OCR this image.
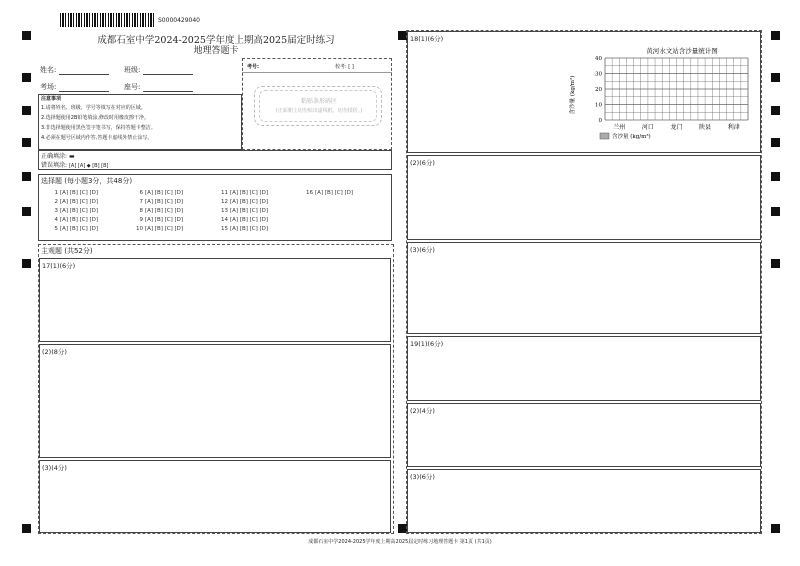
S0000429040
成都石室中学2024-2025学年度上期高2025届定时练习
地理答题卡
姓名:	班级:
考场:	座号:
考号:	校考: [ ]
粘贴条形码区
(正面朝上切勿贴出虚线框，切勿揉折。)
注意事项
1.请将姓名、班级、学号等填写在对应的区域。
2.选择题使用2B铅笔填涂,修改时用橡皮擦干净。
3.非选择题使用黑色签字笔书写，保持答题卡整洁。
4.必须在题号区域内作答,答题卡虚线外禁止涂写。
正确填涂: ▬
错误填涂: [A] [A] ◆ [B] [B]
选择题 (每小题3分，共48分)
1 [A] [B] [C] [D]
2 [A] [B] [C] [D]
3 [A] [B] [C] [D]
4 [A] [B] [C] [D]
5 [A] [B] [C] [D]
6 [A] [B] [C] [D]
7 [A] [B] [C] [D]
8 [A] [B] [C] [D]
9 [A] [B] [C] [D]
10 [A] [B] [C] [D]
11 [A] [B] [C] [D]
12 [A] [B] [C] [D]
13 [A] [B] [C] [D]
14 [A] [B] [C] [D]
15 [A] [B] [C] [D]
16 [A] [B] [C] [D]
主观题 (共52分)
17(1)(6分)
(2)(8分)
(3)(4分)
18(1)(6分)
(2)(6分)
(3)(6分)
19(1)(6分)
(2)(4分)
(3)(6分)
黄河水文站含沙量统计图
0
10
20
30
40
兰州	河口	龙门	陕县	利津
含沙量 (kg/m³)
含沙量 (kg/m³)
成都石室中学2024-2025学年度上期高2025届定时练习地理答题卡 第1页 (共1页)
